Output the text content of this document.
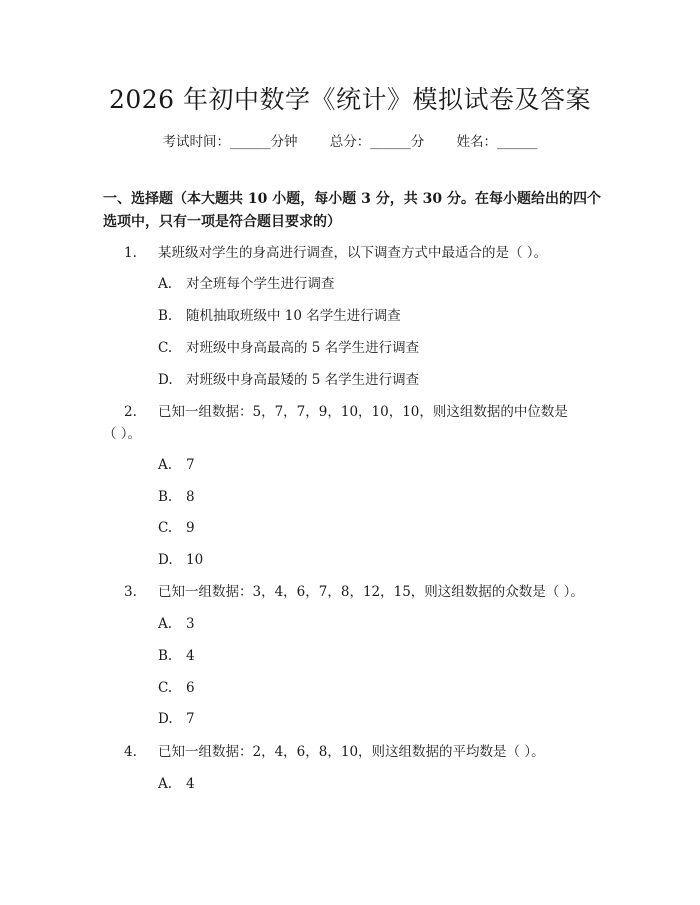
2026 年初中数学《统计》模拟试卷及答案
考试时间：______分钟 总分：______分 姓名：______
一、选择题（本大题共 10 小题，每小题 3 分，共 30 分。在每小题给出的四个选项中，只有一项是符合题目要求的）
1. 某班级对学生的身高进行调查，以下调查方式中最适合的是（ ）。
A. 对全班每个学生进行调查
B. 随机抽取班级中 10 名学生进行调查
C. 对班级中身高最高的 5 名学生进行调查
D. 对班级中身高最矮的 5 名学生进行调查
2. 已知一组数据：5，7，7，9，10，10，10，则这组数据的中位数是
（ ）。
A. 7
B. 8
C. 9
D. 10
3. 已知一组数据：3，4，6，7，8，12，15，则这组数据的众数是（ ）。
A. 3
B. 4
C. 6
D. 7
4. 已知一组数据：2，4，6，8，10，则这组数据的平均数是（ ）。
A. 4
